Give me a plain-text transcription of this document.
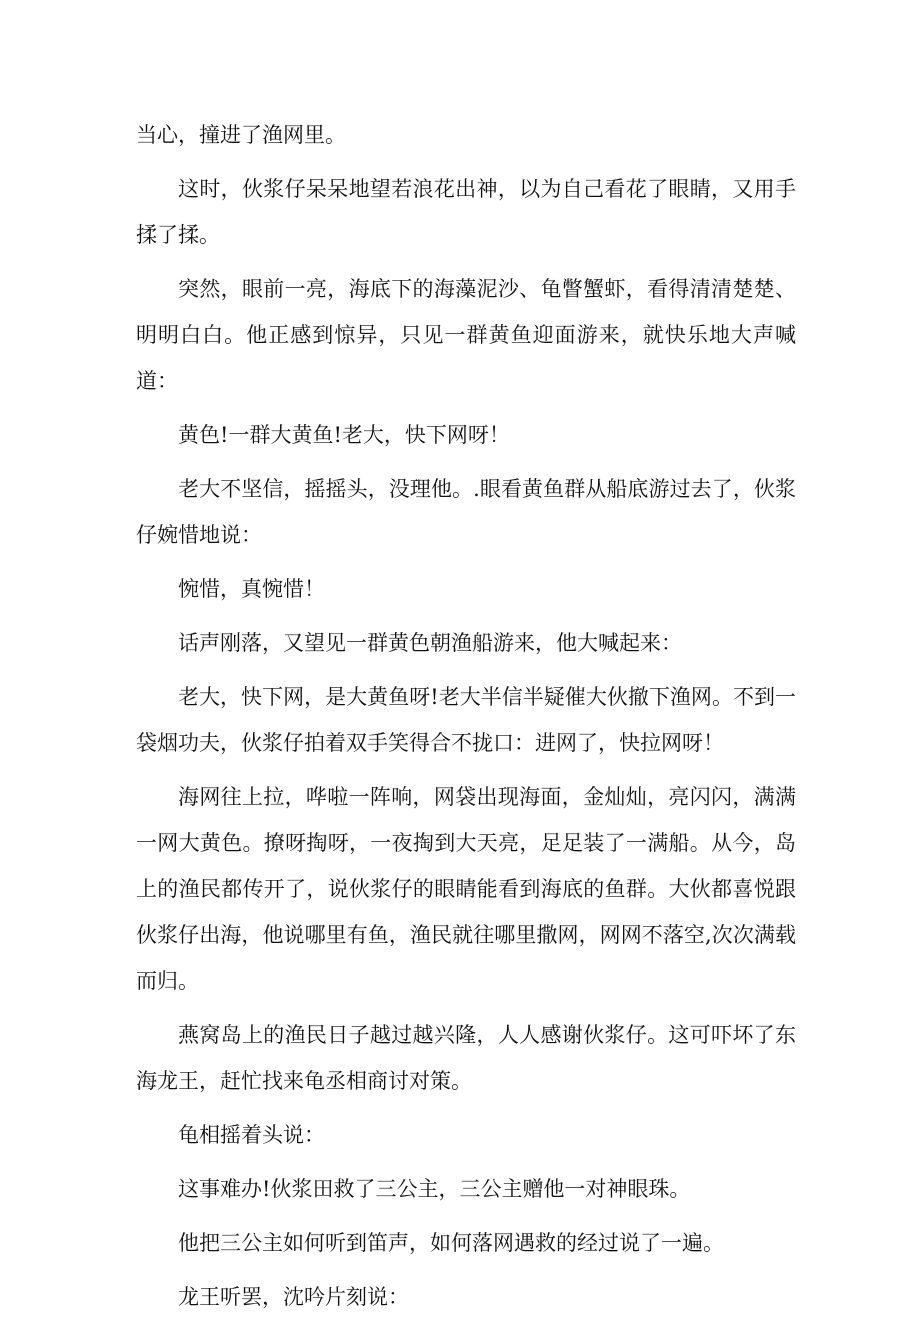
当心，撞进了渔网里。

这时，伙浆仔呆呆地望若浪花出神，以为自己看花了眼睛，又用手揉了揉。

突然，眼前一亮，海底下的海藻泥沙、龟瞥蟹虾，看得清清楚楚、明明白白。他正感到惊异，只见一群黄鱼迎面游来，就快乐地大声喊道：

黄色!一群大黄鱼!老大，快下网呀！

老大不坚信，摇摇头，没理他。.眼看黄鱼群从船底游过去了，伙浆仔婉惜地说：

惋惜，真惋惜！

话声刚落，又望见一群黄色朝渔船游来，他大喊起来：

老大，快下网，是大黄鱼呀!老大半信半疑催大伙撤下渔网。不到一袋烟功夫，伙浆仔拍着双手笑得合不拢口：进网了，快拉网呀！

海网往上拉，哗啦一阵响，网袋出现海面，金灿灿，亮闪闪，满满一网大黄色。撩呀掏呀，一夜掏到大天亮，足足装了一满船。从今，岛上的渔民都传开了，说伙浆仔的眼睛能看到海底的鱼群。大伙都喜悦跟伙浆仔出海，他说哪里有鱼，渔民就往哪里撒网，网网不落空,次次满载而归。

燕窝岛上的渔民日子越过越兴隆，人人感谢伙浆仔。这可吓坏了东海龙王，赶忙找来龟丞相商讨对策。

龟相摇着头说：

这事难办!伙浆田救了三公主，三公主赠他一对神眼珠。

他把三公主如何听到笛声，如何落网遇救的经过说了一遍。

龙王听罢，沈吟片刻说：
